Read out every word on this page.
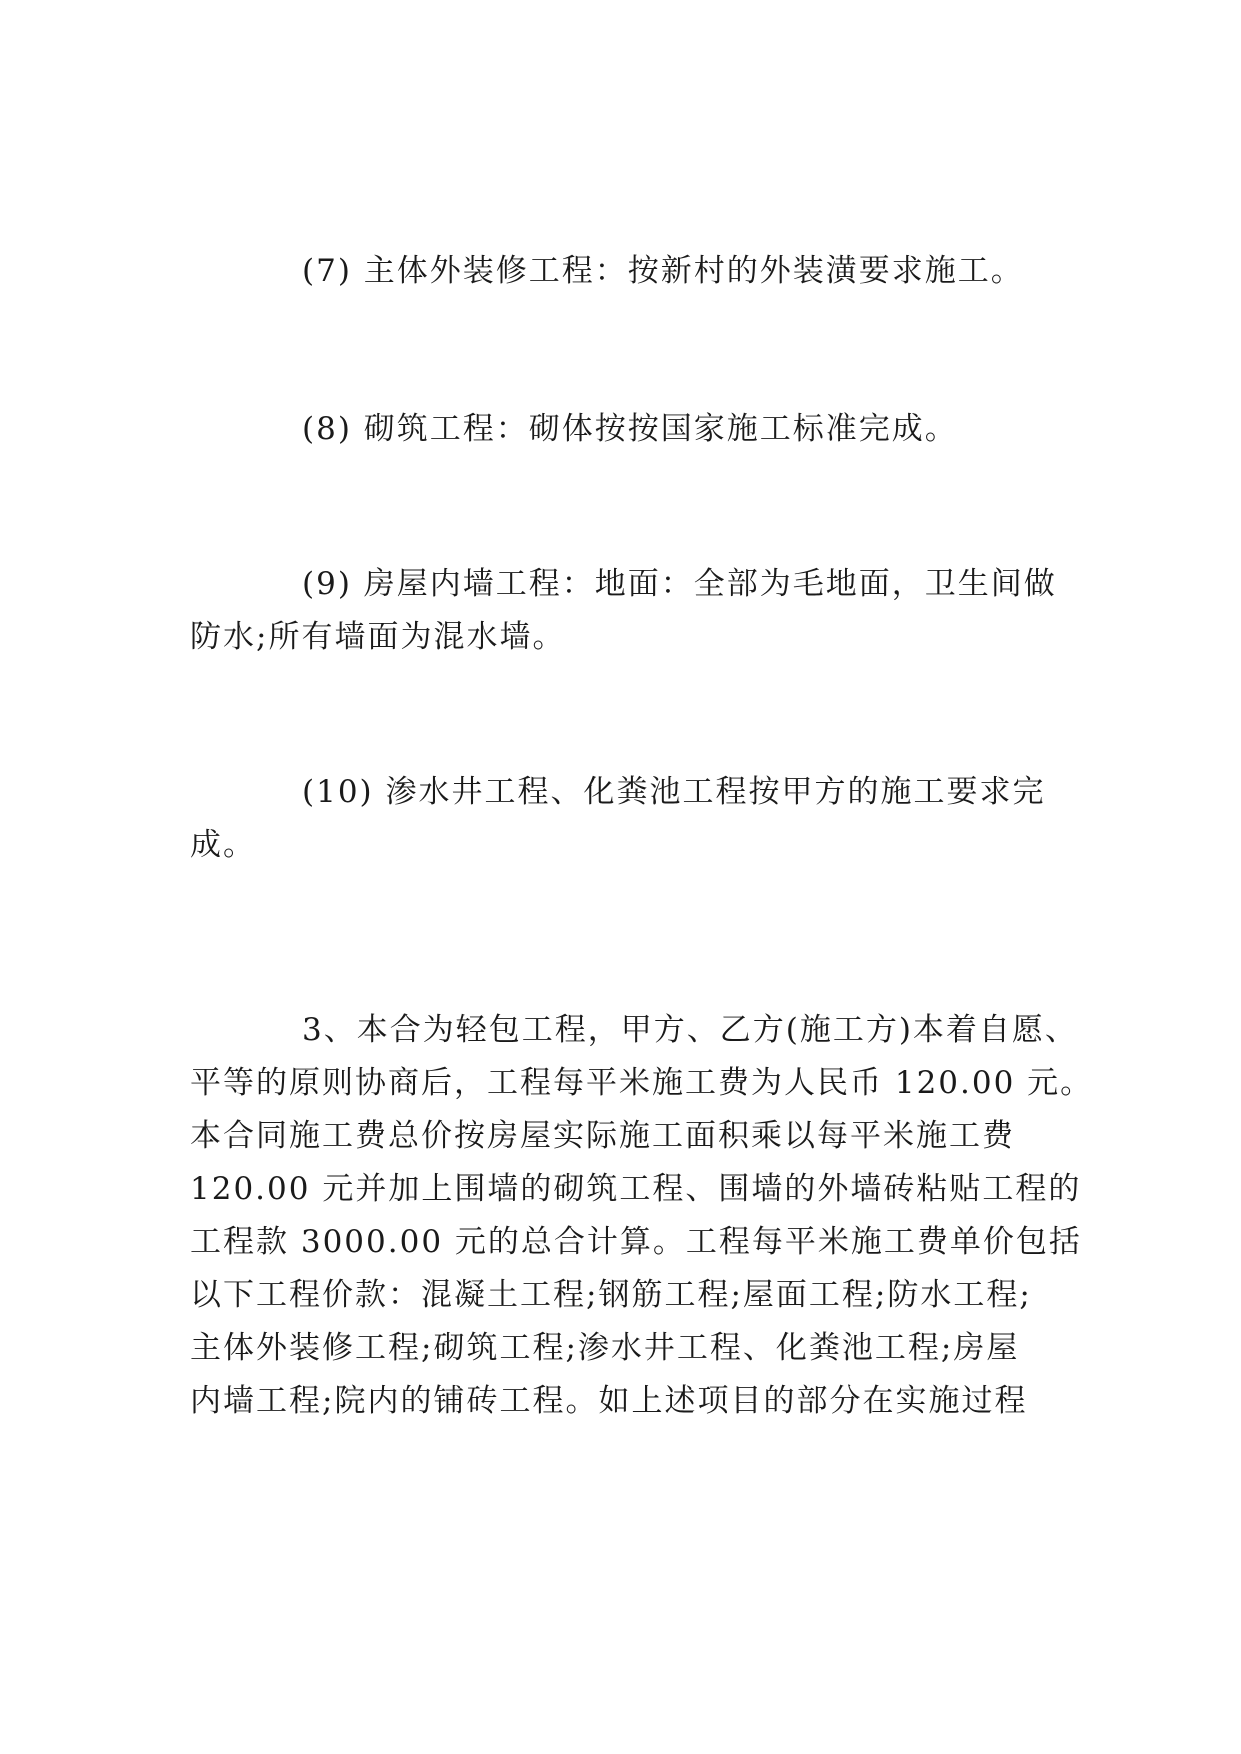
(7) 主体外装修工程：按新村的外装潢要求施工。

(8) 砌筑工程：砌体按按国家施工标准完成。

(9) 房屋内墙工程：地面：全部为毛地面，卫生间做
防水;所有墙面为混水墙。

(10) 渗水井工程、化粪池工程按甲方的施工要求完
成。

3、本合为轻包工程，甲方、乙方(施工方)本着自愿、
平等的原则协商后，工程每平米施工费为人民币 120.00 元。
本合同施工费总价按房屋实际施工面积乘以每平米施工费
120.00 元并加上围墙的砌筑工程、围墙的外墙砖粘贴工程的
工程款 3000.00 元的总合计算。工程每平米施工费单价包括
以下工程价款：混凝土工程;钢筋工程;屋面工程;防水工程;
主体外装修工程;砌筑工程;渗水井工程、化粪池工程;房屋
内墙工程;院内的铺砖工程。如上述项目的部分在实施过程
